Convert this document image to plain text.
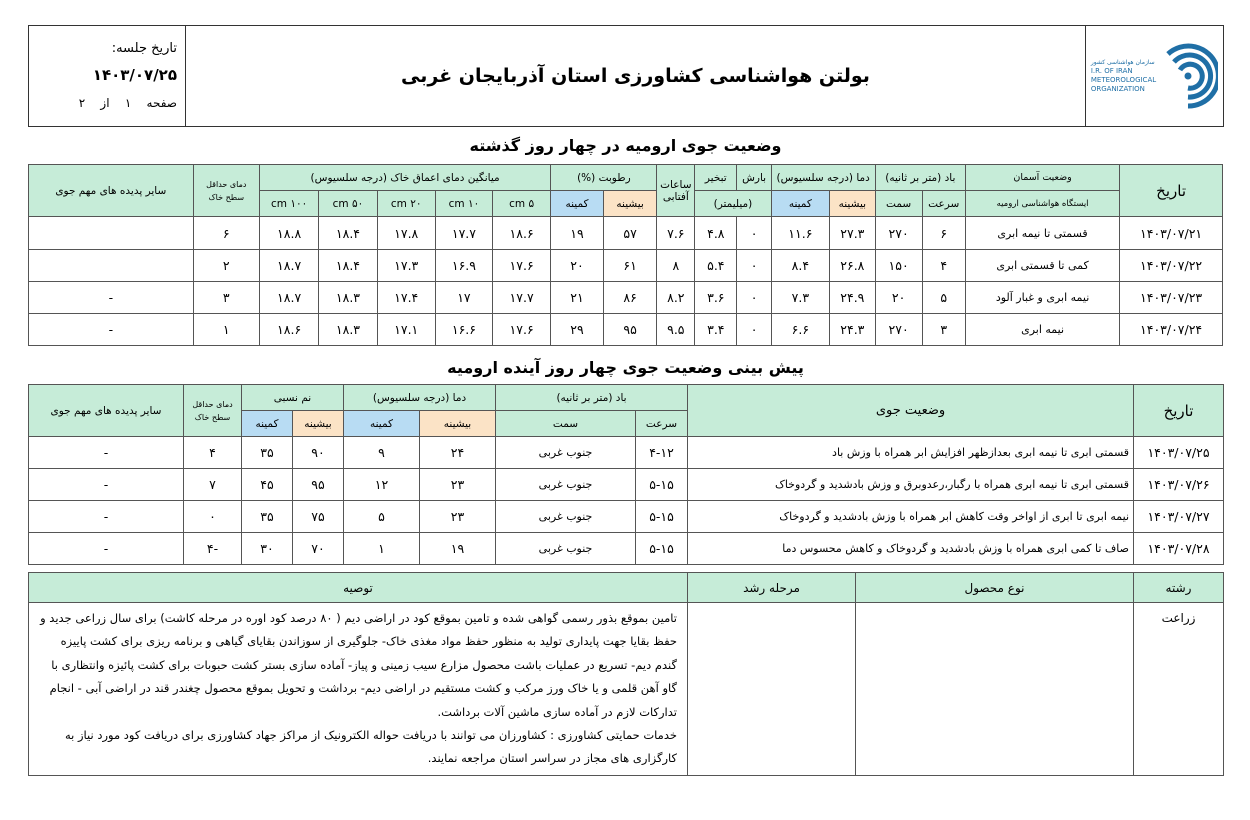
سازمان هواشناسی کشور
I.R. OF IRAN
METEOROLOGICAL
ORGANIZATION
	بولتن هواشناسی کشاورزی استان آذربایجان غربی	
تاریخ جلسه:
۱۴۰۳/۰۷/۲۵
صفحه    ۱    از    ۲
وضعیت جوی ارومیه در چهار روز گذشته
تاریخ	وضعیت آسمان	باد (متر بر ثانیه)		دما (درجه سلسیوس)		بارش	تبخیر	ساعات آفتابی	رطوبت (%)		میانگین دمای اعماق خاک (درجه سلسیوس)					دمای حداقل
سطح خاک	سایر پدیده های مهم جوی
	ایستگاه هواشناسی ارومیه	سرعت	سمت	بیشینه	کمینه	(میلیمتر)			بیشینه	کمینه	۵ cm	۱۰ cm	۲۰ cm	۵۰ cm	۱۰۰ cm		
۱۴۰۳/۰۷/۲۱	قسمتی تا نیمه ابری	۶	۲۷۰	۲۷.۳	۱۱.۶	۰	۴.۸	۷.۶	۵۷	۱۹	۱۸.۶	۱۷.۷	۱۷.۸	۱۸.۴	۱۸.۸	۶	
۱۴۰۳/۰۷/۲۲	کمی تا قسمتی ابری	۴	۱۵۰	۲۶.۸	۸.۴	۰	۵.۴	۸	۶۱	۲۰	۱۷.۶	۱۶.۹	۱۷.۳	۱۸.۴	۱۸.۷	۲	
۱۴۰۳/۰۷/۲۳	نیمه ابری و غبار آلود	۵	۲۰	۲۴.۹	۷.۳	۰	۳.۶	۸.۲	۸۶	۲۱	۱۷.۷	۱۷	۱۷.۴	۱۸.۳	۱۸.۷	۳	-
۱۴۰۳/۰۷/۲۴	نیمه ابری	۳	۲۷۰	۲۴.۳	۶.۶	۰	۳.۴	۹.۵	۹۵	۲۹	۱۷.۶	۱۶.۶	۱۷.۱	۱۸.۳	۱۸.۶	۱	-
پیش بینی وضعیت جوی چهار روز آینده ارومیه
تاریخ	وضعیت جوی	باد (متر بر ثانیه)		دما (درجه سلسیوس)		نم نسبی		دمای حداقل
سطح خاک	سایر پدیده های مهم جوی
		سرعت	سمت	بیشینه	کمینه	بیشینه	کمینه		
۱۴۰۳/۰۷/۲۵	قسمتی ابری تا نیمه ابری بعدازظهر افزایش ابر همراه با وزش باد	۴-۱۲	جنوب غربی	۲۴	۹	۹۰	۳۵	۴	-
۱۴۰۳/۰۷/۲۶	قسمتی ابری تا نیمه ابری همراه با رگبار،رعدوبرق و وزش بادشدید و گردوخاک	۵-۱۵	جنوب غربی	۲۳	۱۲	۹۵	۴۵	۷	-
۱۴۰۳/۰۷/۲۷	نیمه ابری تا ابری از اواخر وقت کاهش ابر همراه با وزش بادشدید و گردوخاک	۵-۱۵	جنوب غربی	۲۳	۵	۷۵	۳۵	۰	-
۱۴۰۳/۰۷/۲۸	صاف تا کمی ابری همراه با وزش بادشدید و گردوخاک و کاهش محسوس دما	۵-۱۵	جنوب غربی	۱۹	۱	۷۰	۳۰	-۴	-
رشته	نوع محصول	مرحله رشد	توصیه
زراعت			تامین بموقع بذور رسمی گواهی شده و تامین بموقع کود در اراضی دیم ( ۸۰ درصد کود اوره در مرحله کاشت) برای سال زراعی جدید و حفظ بقایا جهت پایداری تولید به منظور حفظ مواد مغذی خاک- جلوگیری از سوزاندن بقایای گیاهی و برنامه ریزی برای کشت پاییزه گندم دیم- تسریع در عملیات باشت محصول مزارع سیب زمینی و پیاز- آماده سازی بستر کشت حبوبات برای کشت پائیزه وانتظاری با گاو آهن قلمی و یا خاک ورز مرکب و کشت مستقیم در اراضی دیم- برداشت و تحویل بموقع محصول چغندر قند در اراضی آبی - انجام تدارکات لازم در آماده سازی ماشین آلات برداشت.
خدمات حمایتی کشاورزی : کشاورزان می توانند با دریافت حواله الکترونیک از مراکز جهاد کشاورزی برای دریافت کود مورد نیاز به کارگزاری های مجاز در سراسر استان مراجعه نمایند.
